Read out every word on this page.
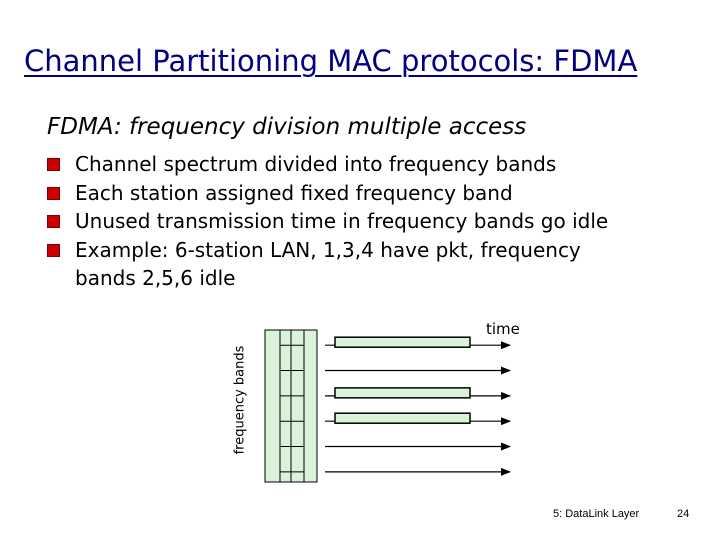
Channel Partitioning MAC protocols: FDMA
FDMA: frequency division multiple access
Channel spectrum divided into frequency bands
Each station assigned fixed frequency band
Unused transmission time in frequency bands go idle
Example: 6-station LAN, 1,3,4 have pkt, frequency
bands 2,5,6 idle
frequency bands
time
5: DataLink Layer	24
